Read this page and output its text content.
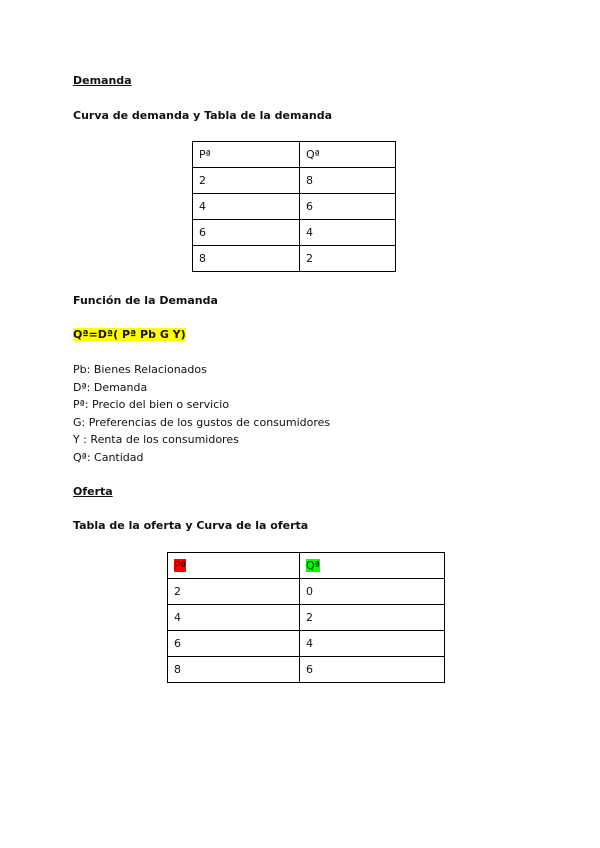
Demanda
Curva de demanda y Tabla de la demanda
Pª	Qª
2	8
4	6
6	4
8	2
Función de la Demanda
Qª=Dª( Pª Pb G Y)
Pb: Bienes Relacionados
Dª: Demanda
Pª: Precio del bien o servicio
G: Preferencias de los gustos de consumidores
Y : Renta de los consumidores
Qª: Cantidad
Oferta
Tabla de la oferta y Curva de la oferta
Pª	Qª
2	0
4	2
6	4
8	6
